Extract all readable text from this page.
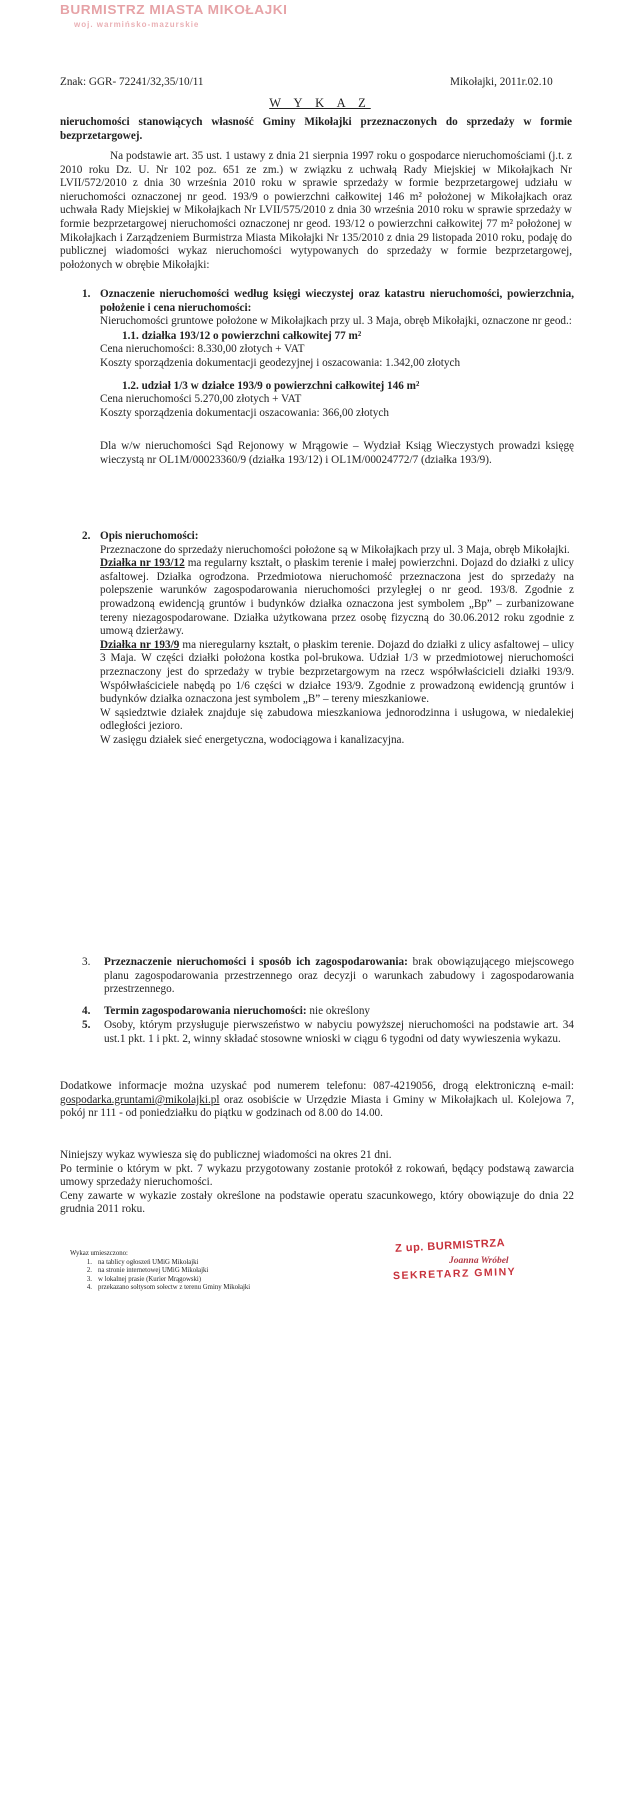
BURMISTRZ MIASTA MIKOŁAJKI
woj. warmińsko-mazurskie
Znak: GGR- 72241/32,35/10/11	Mikołajki, 2011r.02.10
W Y K A Z
nieruchomości stanowiących własność Gminy Mikołajki przeznaczonych do sprzedaży w formie bezprzetargowej.
Na podstawie art. 35 ust. 1 ustawy z dnia 21 sierpnia 1997 roku o gospodarce nieruchomościami (j.t. z 2010 roku Dz. U. Nr 102 poz. 651 ze zm.) w związku z uchwałą Rady Miejskiej w Mikołajkach Nr LVII/572/2010 z dnia 30 września 2010 roku w sprawie sprzedaży w formie bezprzetargowej udziału w nieruchomości oznaczonej nr geod. 193/9 o powierzchni całkowitej 146 m² położonej w Mikołajkach oraz uchwała Rady Miejskiej w Mikołajkach Nr LVII/575/2010 z dnia 30 września 2010 roku w sprawie sprzedaży w formie bezprzetargowej nieruchomości oznaczonej nr geod. 193/12 o powierzchni całkowitej 77 m² położonej w Mikołajkach i Zarządzeniem Burmistrza Miasta Mikołajki Nr 135/2010 z dnia 29 listopada 2010 roku, podaję do publicznej wiadomości wykaz nieruchomości wytypowanych do sprzedaży w formie bezprzetargowej, położonych w obrębie Mikołajki:
1. Oznaczenie nieruchomości według księgi wieczystej oraz katastru nieruchomości, powierzchnia, położenie i cena nieruchomości:
Nieruchomości gruntowe położone w Mikołajkach przy ul. 3 Maja, obręb Mikołajki, oznaczone nr geod.:
1.1. działka 193/12 o powierzchni całkowitej 77 m²
Cena nieruchomości: 8.330,00 złotych + VAT
Koszty sporządzenia dokumentacji geodezyjnej i oszacowania: 1.342,00 złotych
1.2. udział 1/3 w działce 193/9 o powierzchni całkowitej 146 m²
Cena nieruchomości 5.270,00 złotych + VAT
Koszty sporządzenia dokumentacji oszacowania: 366,00 złotych
Dla w/w nieruchomości Sąd Rejonowy w Mrągowie – Wydział Ksiąg Wieczystych prowadzi księgę wieczystą nr OL1M/00023360/9 (działka 193/12) i OL1M/00024772/7 (działka 193/9).
2. Opis nieruchomości:
Przeznaczone do sprzedaży nieruchomości położone są w Mikołajkach przy ul. 3 Maja, obręb Mikołajki.
Działka nr 193/12 ma regularny kształt, o płaskim terenie i małej powierzchni. Dojazd do działki z ulicy asfaltowej. Działka ogrodzona. Przedmiotowa nieruchomość przeznaczona jest do sprzedaży na polepszenie warunków zagospodarowania nieruchomości przyległej o nr geod. 193/8. Zgodnie z prowadzoną ewidencją gruntów i budynków działka oznaczona jest symbolem „Bp” – zurbanizowane tereny niezagospodarowane. Działka użytkowana przez osobę fizyczną do 30.06.2012 roku zgodnie z umową dzierżawy.
Działka nr 193/9 ma nieregularny kształt, o płaskim terenie. Dojazd do działki z ulicy asfaltowej – ulicy 3 Maja. W części działki położona kostka pol-brukowa. Udział 1/3 w przedmiotowej nieruchomości przeznaczony jest do sprzedaży w trybie bezprzetargowym na rzecz współwłaścicieli działki 193/9. Współwłaściciele nabędą po 1/6 części w działce 193/9. Zgodnie z prowadzoną ewidencją gruntów i budynków działka oznaczona jest symbolem „B” – tereny mieszkaniowe.
W sąsiedztwie działek znajduje się zabudowa mieszkaniowa jednorodzinna i usługowa, w niedalekiej odległości jezioro.
W zasięgu działek sieć energetyczna, wodociągowa i kanalizacyjna.
3.	Przeznaczenie nieruchomości i sposób ich zagospodarowania: brak obowiązującego miejscowego planu zagospodarowania przestrzennego oraz decyzji o warunkach zabudowy i zagospodarowania przestrzennego.
4.	Termin zagospodarowania nieruchomości: nie określony
5.	Osoby, którym przysługuje pierwszeństwo w nabyciu powyższej nieruchomości na podstawie art. 34 ust.1 pkt. 1 i pkt. 2, winny składać stosowne wnioski w ciągu 6 tygodni od daty wywieszenia wykazu.
Dodatkowe informacje można uzyskać pod numerem telefonu: 087-4219056, drogą elektroniczną e-mail: gospodarka.gruntami@mikolajki.pl oraz osobiście w Urzędzie Miasta i Gminy w Mikołajkach ul. Kolejowa 7, pokój nr 111 - od poniedziałku do piątku w godzinach od 8.00 do 14.00.
Niniejszy wykaz wywiesza się do publicznej wiadomości na okres 21 dni.
Po terminie o którym w pkt. 7 wykazu przygotowany zostanie protokół z rokowań, będący podstawą zawarcia umowy sprzedaży nieruchomości.
Ceny zawarte w wykazie zostały określone na podstawie operatu szacunkowego, który obowiązuje do dnia 22 grudnia 2011 roku.
Z up. BURMISTRZA
Joanna Wróbel
SEKRETARZ GMINY
Wykaz umieszczono:
1. na tablicy ogłoszeń UMiG Mikołajki
2. na stronie internetowej UMiG Mikołajki
3. w lokalnej prasie (Kurier Mrągowski)
4. przekazano sołtysom sołectw z terenu Gminy Mikołajki
